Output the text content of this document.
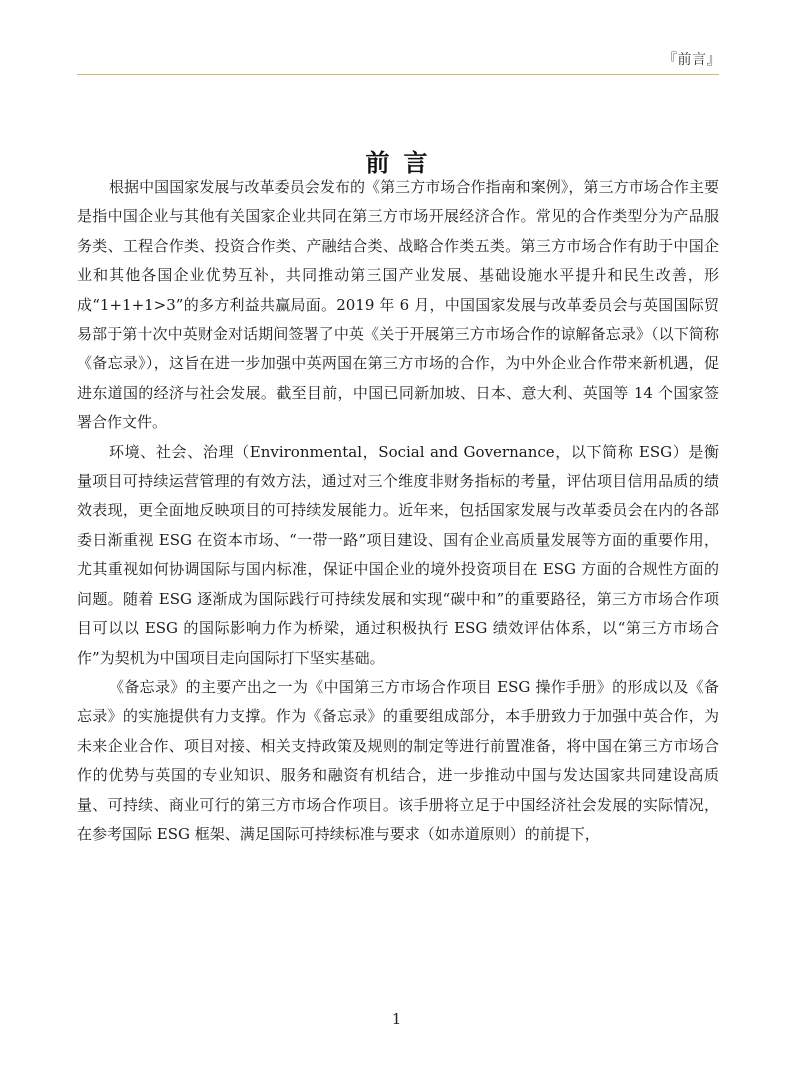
『前言』
前言

根据中国国家发展与改革委员会发布的《第三方市场合作指南和案例》，第三方市场合作主要是指中国企业与其他有关国家企业共同在第三方市场开展经济合作。常见的合作类型分为产品服务类、工程合作类、投资合作类、产融结合类、战略合作类五类。第三方市场合作有助于中国企业和其他各国企业优势互补，共同推动第三国产业发展、基础设施水平提升和民生改善，形成“1+1+1>3”的多方利益共赢局面。2019 年 6 月，中国国家发展与改革委员会与英国国际贸易部于第十次中英财金对话期间签署了中英《关于开展第三方市场合作的谅解备忘录》（以下简称《备忘录》），这旨在进一步加强中英两国在第三方市场的合作，为中外企业合作带来新机遇，促进东道国的经济与社会发展。截至目前，中国已同新加坡、日本、意大利、英国等 14 个国家签署合作文件。

环境、社会、治理（Environmental，Social and Governance，以下简称 ESG）是衡量项目可持续运营管理的有效方法，通过对三个维度非财务指标的考量，评估项目信用品质的绩效表现，更全面地反映项目的可持续发展能力。近年来，包括国家发展与改革委员会在内的各部委日渐重视 ESG 在资本市场、“一带一路”项目建设、国有企业高质量发展等方面的重要作用，尤其重视如何协调国际与国内标准，保证中国企业的境外投资项目在 ESG 方面的合规性方面的问题。随着 ESG 逐渐成为国际践行可持续发展和实现“碳中和”的重要路径，第三方市场合作项目可以以 ESG 的国际影响力作为桥梁，通过积极执行 ESG 绩效评估体系，以“第三方市场合作”为契机为中国项目走向国际打下坚实基础。

《备忘录》的主要产出之一为《中国第三方市场合作项目 ESG 操作手册》的形成以及《备忘录》的实施提供有力支撑。作为《备忘录》的重要组成部分，本手册致力于加强中英合作，为未来企业合作、项目对接、相关支持政策及规则的制定等进行前置准备，将中国在第三方市场合作的优势与英国的专业知识、服务和融资有机结合，进一步推动中国与发达国家共同建设高质量、可持续、商业可行的第三方市场合作项目。该手册将立足于中国经济社会发展的实际情况，在参考国际 ESG 框架、满足国际可持续标准与要求（如赤道原则）的前提下，

1
